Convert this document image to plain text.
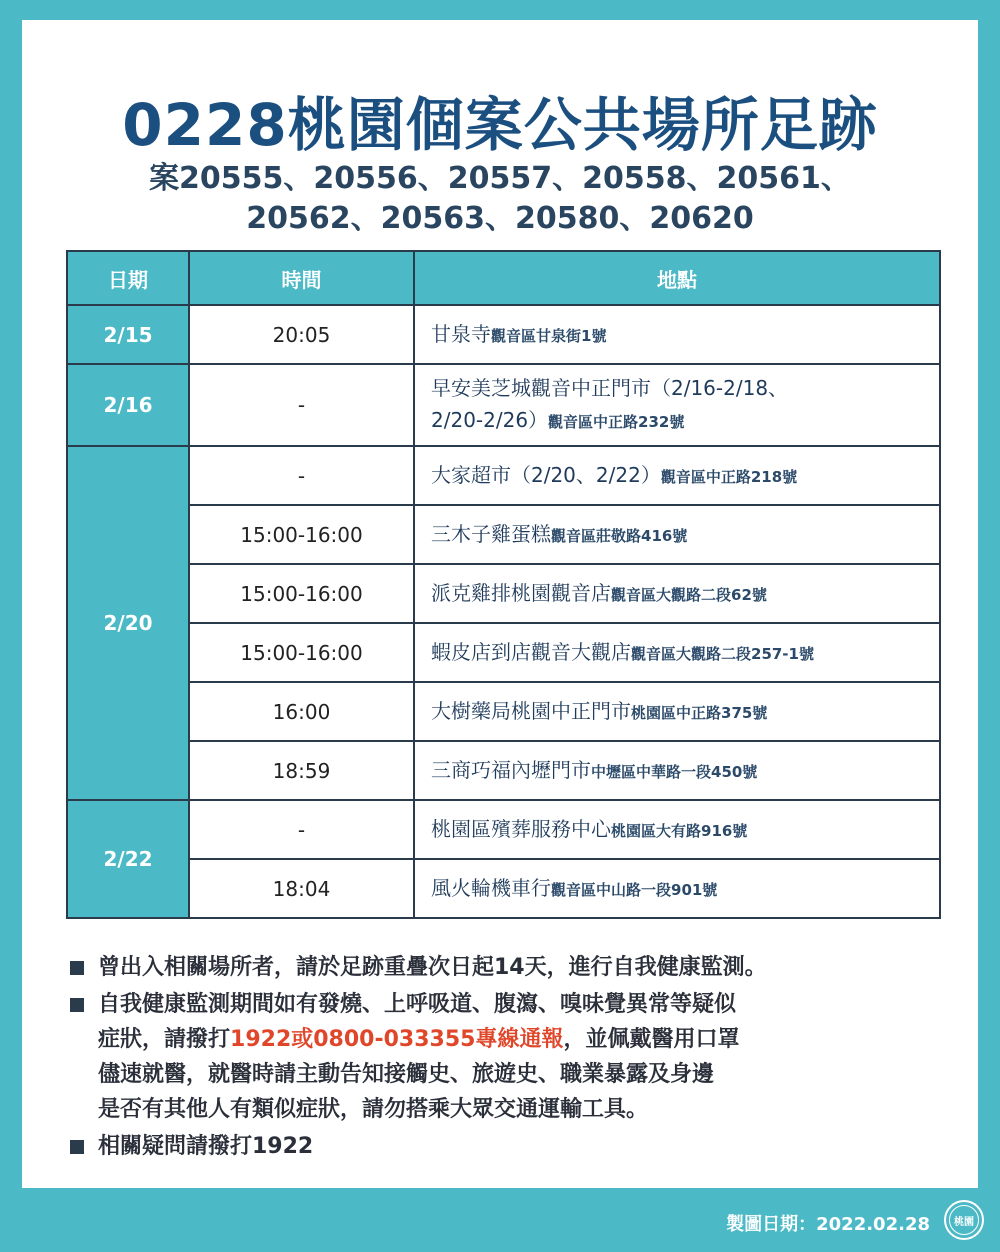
0228桃園個案公共場所足跡
案20555、20556、20557、20558、20561、
20562、20563、20580、20620
日期	時間	地點
2/15	20:05	甘泉寺觀音區甘泉街1號
2/16	-	早安美芝城觀音中正門市（2/16-2/18、
2/20-2/26）觀音區中正路232號
2/20	-	大家超市（2/20、2/22）觀音區中正路218號
	15:00-16:00	三木子雞蛋糕觀音區莊敬路416號
	15:00-16:00	派克雞排桃園觀音店觀音區大觀路二段62號
	15:00-16:00	蝦皮店到店觀音大觀店觀音區大觀路二段257-1號
	16:00	大樹藥局桃園中正門市桃園區中正路375號
	18:59	三商巧福內壢門市中壢區中華路一段450號
2/22	-	桃園區殯葬服務中心桃園區大有路916號
	18:04	風火輪機車行觀音區中山路一段901號
曾出入相關場所者，請於足跡重疊次日起14天，進行自我健康監測。
自我健康監測期間如有發燒、上呼吸道、腹瀉、嗅味覺異常等疑似
症狀，請撥打1922或0800-033355專線通報，並佩戴醫用口罩
儘速就醫，就醫時請主動告知接觸史、旅遊史、職業暴露及身邊
是否有其他人有類似症狀，請勿搭乘大眾交通運輸工具。
相關疑問請撥打1922
製圖日期：2022.02.28	桃園
